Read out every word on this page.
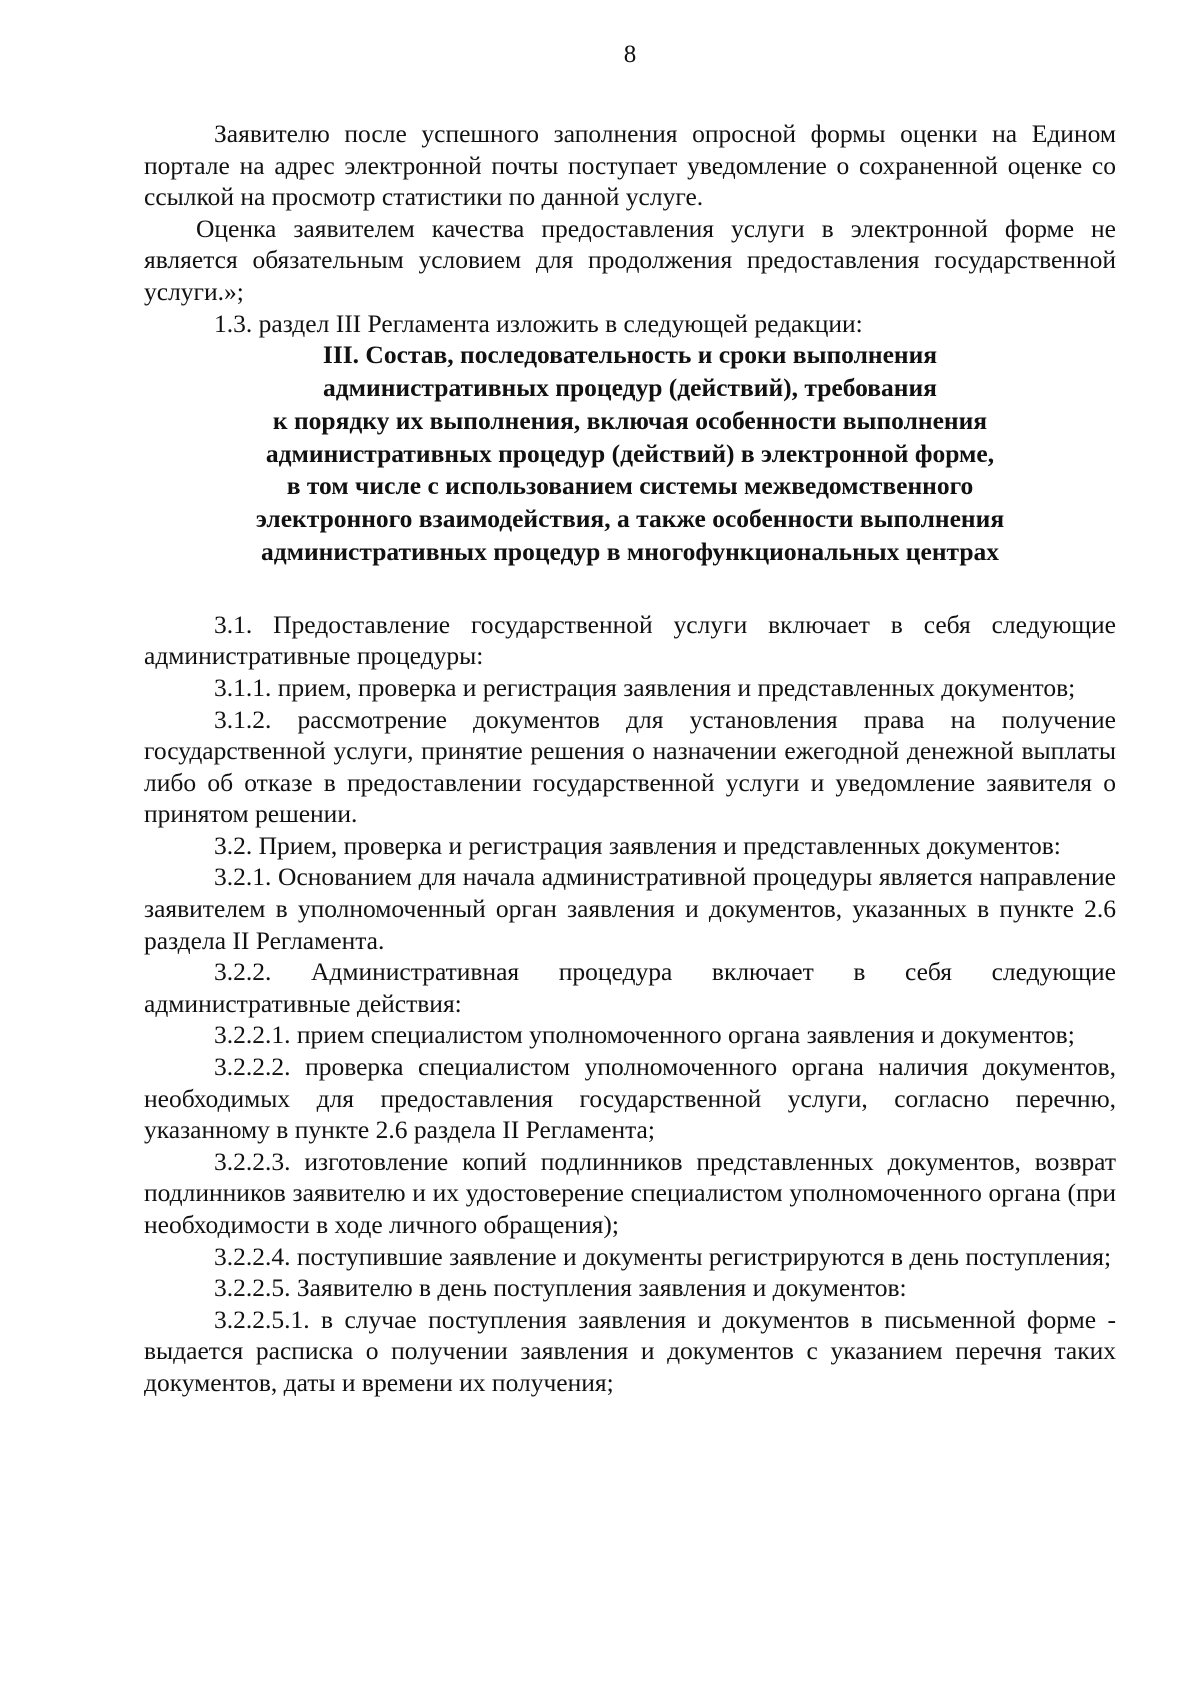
8

Заявителю после успешного заполнения опросной формы оценки на Едином портале на адрес электронной почты поступает уведомление о сохраненной оценке со ссылкой на просмотр статистики по данной услуге.

Оценка заявителем качества предоставления услуги в электронной форме не является обязательным условием для продолжения предоставления государственной услуги.»;

1.3. раздел III Регламента изложить в следующей редакции:

III. Состав, последовательность и сроки выполнения
административных процедур (действий), требования
к порядку их выполнения, включая особенности выполнения
административных процедур (действий) в электронной форме,
в том числе с использованием системы межведомственного
электронного взаимодействия, а также особенности выполнения
административных процедур в многофункциональных центрах

3.1. Предоставление государственной услуги включает в себя следующие административные процедуры:

3.1.1. прием, проверка и регистрация заявления и представленных документов;

3.1.2. рассмотрение документов для установления права на получение государственной услуги, принятие решения о назначении ежегодной денежной выплаты либо об отказе в предоставлении государственной услуги и уведомление заявителя о принятом решении.

3.2. Прием, проверка и регистрация заявления и представленных документов:

3.2.1. Основанием для начала административной процедуры является направление заявителем в уполномоченный орган заявления и документов, указанных в пункте 2.6 раздела II Регламента.

3.2.2. Административная процедура включает в себя следующие административные действия:

3.2.2.1. прием специалистом уполномоченного органа заявления и документов;

3.2.2.2. проверка специалистом уполномоченного органа наличия документов, необходимых для предоставления государственной услуги, согласно перечню, указанному в пункте 2.6 раздела II Регламента;

3.2.2.3. изготовление копий подлинников представленных документов, возврат подлинников заявителю и их удостоверение специалистом уполномоченного органа (при необходимости в ходе личного обращения);

3.2.2.4. поступившие заявление и документы регистрируются в день поступления;

3.2.2.5. Заявителю в день поступления заявления и документов:

3.2.2.5.1. в случае поступления заявления и документов в письменной форме - выдается расписка о получении заявления и документов с указанием перечня таких документов, даты и времени их получения;
